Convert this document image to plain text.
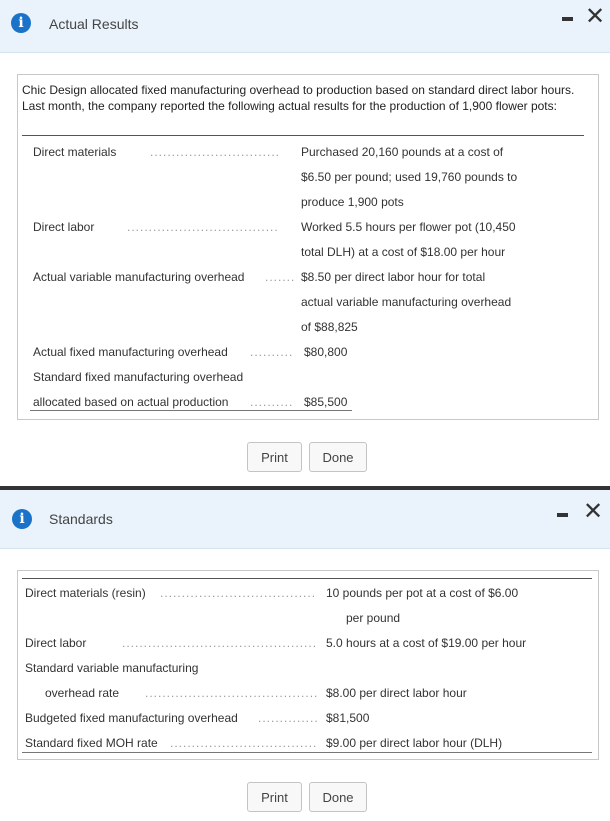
i	Actual Results	✕
Chic Design allocated fixed manufacturing overhead to production based on standard direct labor hours. Last month, the company reported the following actual results for the production of 1,900 flower pots:
Direct materials	..............................	Purchased 20,160 pounds at a cost of
$6.50 per pound; used 19,760 pounds to
produce 1,900 pots
Direct labor	...................................	Worked 5.5 hours per flower pot (10,450
total DLH) at a cost of $18.00 per hour
Actual variable manufacturing overhead ....... $8.50 per direct labor hour for total
actual variable manufacturing overhead
of $88,825
Actual fixed manufacturing overhead .......... $80,800
Standard fixed manufacturing overhead
allocated based on actual production .......... $85,500
Print	Done
i	Standards	✕
Direct materials (resin) .................................... 10 pounds per pot at a cost of $6.00
per pound
Direct labor	............................................. 5.0 hours at a cost of $19.00 per hour
Standard variable manufacturing
overhead rate ........................................ $8.00 per direct labor hour
Budgeted fixed manufacturing overhead .............. $81,500
Standard fixed MOH rate .................................. $9.00 per direct labor hour (DLH)
Print	Done
